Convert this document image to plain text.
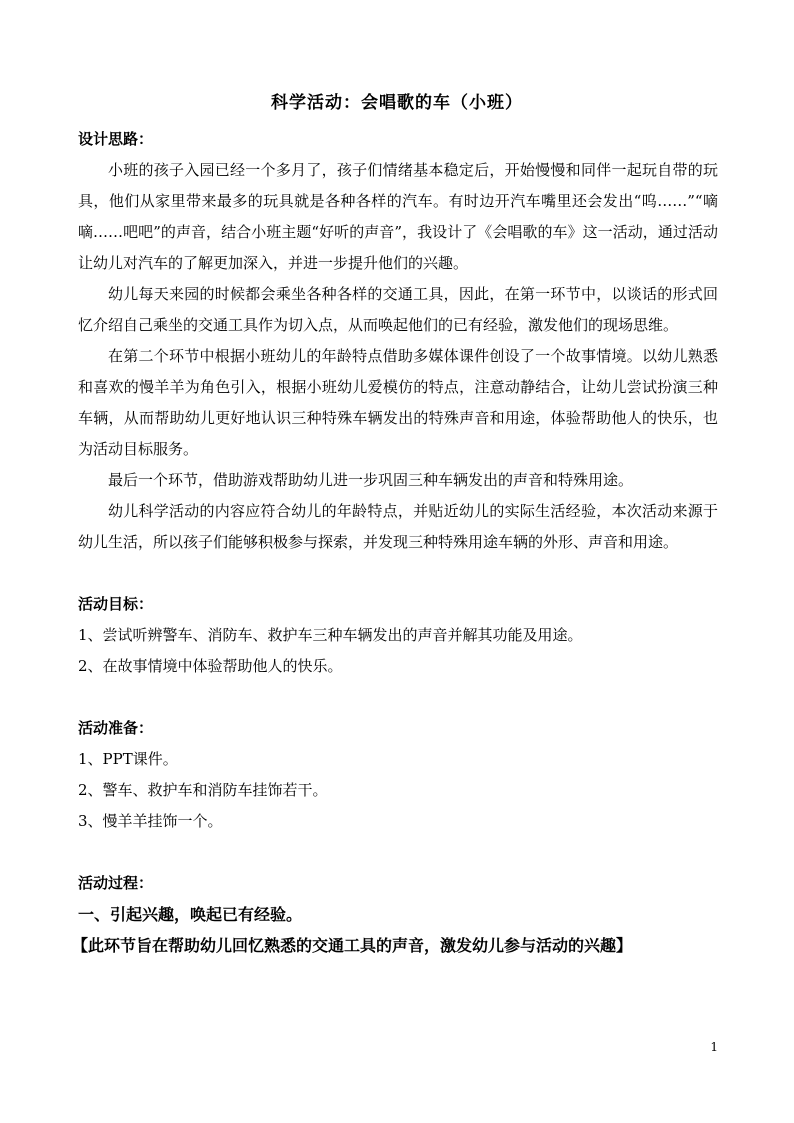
科学活动：会唱歌的车（小班）

设计思路：

小班的孩子入园已经一个多月了，孩子们情绪基本稳定后，开始慢慢和同伴一起玩自带的玩具，他们从家里带来最多的玩具就是各种各样的汽车。有时边开汽车嘴里还会发出“呜……”“嘀嘀……吧吧”的声音，结合小班主题“好听的声音”，我设计了《会唱歌的车》这一活动，通过活动让幼儿对汽车的了解更加深入，并进一步提升他们的兴趣。

幼儿每天来园的时候都会乘坐各种各样的交通工具，因此，在第一环节中，以谈话的形式回忆介绍自己乘坐的交通工具作为切入点，从而唤起他们的已有经验，激发他们的现场思维。

在第二个环节中根据小班幼儿的年龄特点借助多媒体课件创设了一个故事情境。以幼儿熟悉和喜欢的慢羊羊为角色引入，根据小班幼儿爱模仿的特点，注意动静结合，让幼儿尝试扮演三种车辆，从而帮助幼儿更好地认识三种特殊车辆发出的特殊声音和用途，体验帮助他人的快乐，也为活动目标服务。

最后一个环节，借助游戏帮助幼儿进一步巩固三种车辆发出的声音和特殊用途。

幼儿科学活动的内容应符合幼儿的年龄特点，并贴近幼儿的实际生活经验，本次活动来源于幼儿生活，所以孩子们能够积极参与探索，并发现三种特殊用途车辆的外形、声音和用途。

活动目标：

1、尝试听辨警车、消防车、救护车三种车辆发出的声音并解其功能及用途。

2、在故事情境中体验帮助他人的快乐。

活动准备：

1、PPT课件。

2、警车、救护车和消防车挂饰若干。

3、慢羊羊挂饰一个。

活动过程：

一、引起兴趣，唤起已有经验。

【此环节旨在帮助幼儿回忆熟悉的交通工具的声音，激发幼儿参与活动的兴趣】

1
